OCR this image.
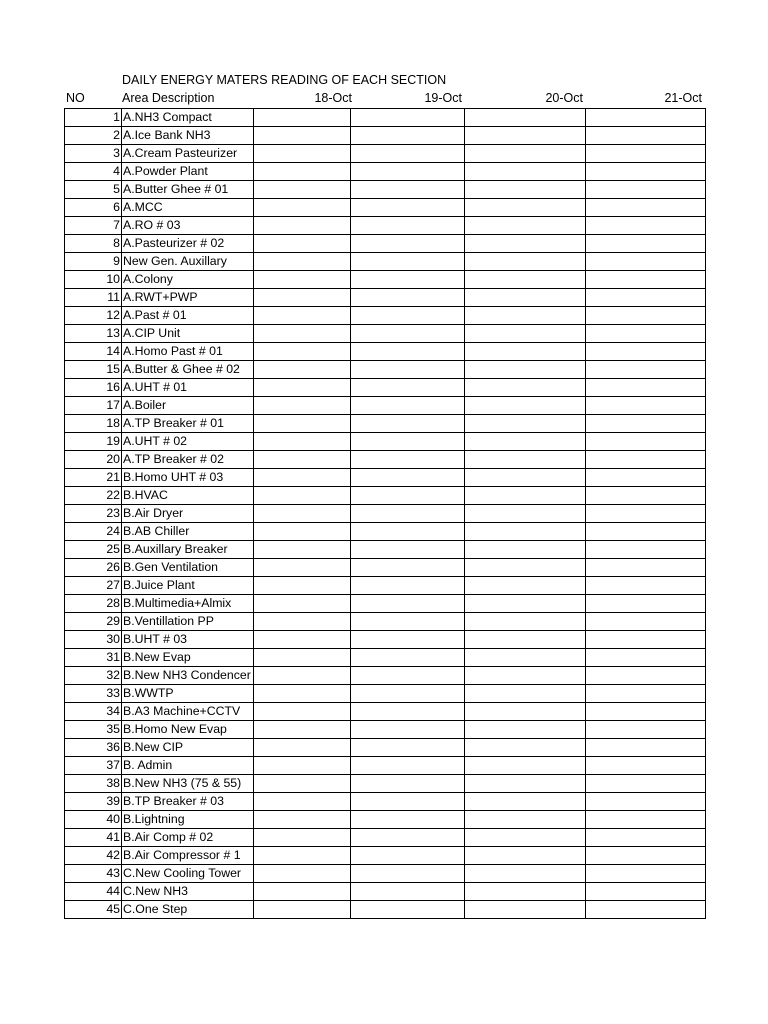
DAILY ENERGY MATERS READING OF EACH SECTION
NO	Area Description	18-Oct	19-Oct	20-Oct	21-Oct
1	A.NH3 Compact				
2	A.Ice Bank NH3				
3	A.Cream Pasteurizer				
4	A.Powder Plant				
5	A.Butter Ghee # 01				
6	A.MCC				
7	A.RO # 03				
8	A.Pasteurizer # 02				
9	New Gen. Auxillary				
10	A.Colony				
11	A.RWT+PWP				
12	A.Past # 01				
13	A.CIP Unit				
14	A.Homo Past # 01				
15	A.Butter & Ghee # 02				
16	A.UHT # 01				
17	A.Boiler				
18	A.TP Breaker # 01				
19	A.UHT # 02				
20	A.TP Breaker # 02				
21	B.Homo UHT # 03				
22	B.HVAC				
23	B.Air Dryer				
24	B.AB Chiller				
25	B.Auxillary Breaker				
26	B.Gen Ventilation				
27	B.Juice Plant				
28	B.Multimedia+Almix				
29	B.Ventillation PP				
30	B.UHT # 03				
31	B.New Evap				
32	B.New NH3 Condencer				
33	B.WWTP				
34	B.A3 Machine+CCTV				
35	B.Homo New Evap				
36	B.New CIP				
37	B. Admin				
38	B.New NH3 (75 & 55)				
39	B.TP Breaker # 03				
40	B.Lightning				
41	B.Air Comp # 02				
42	B.Air Compressor # 1				
43	C.New Cooling Tower				
44	C.New NH3				
45	C.One Step				
